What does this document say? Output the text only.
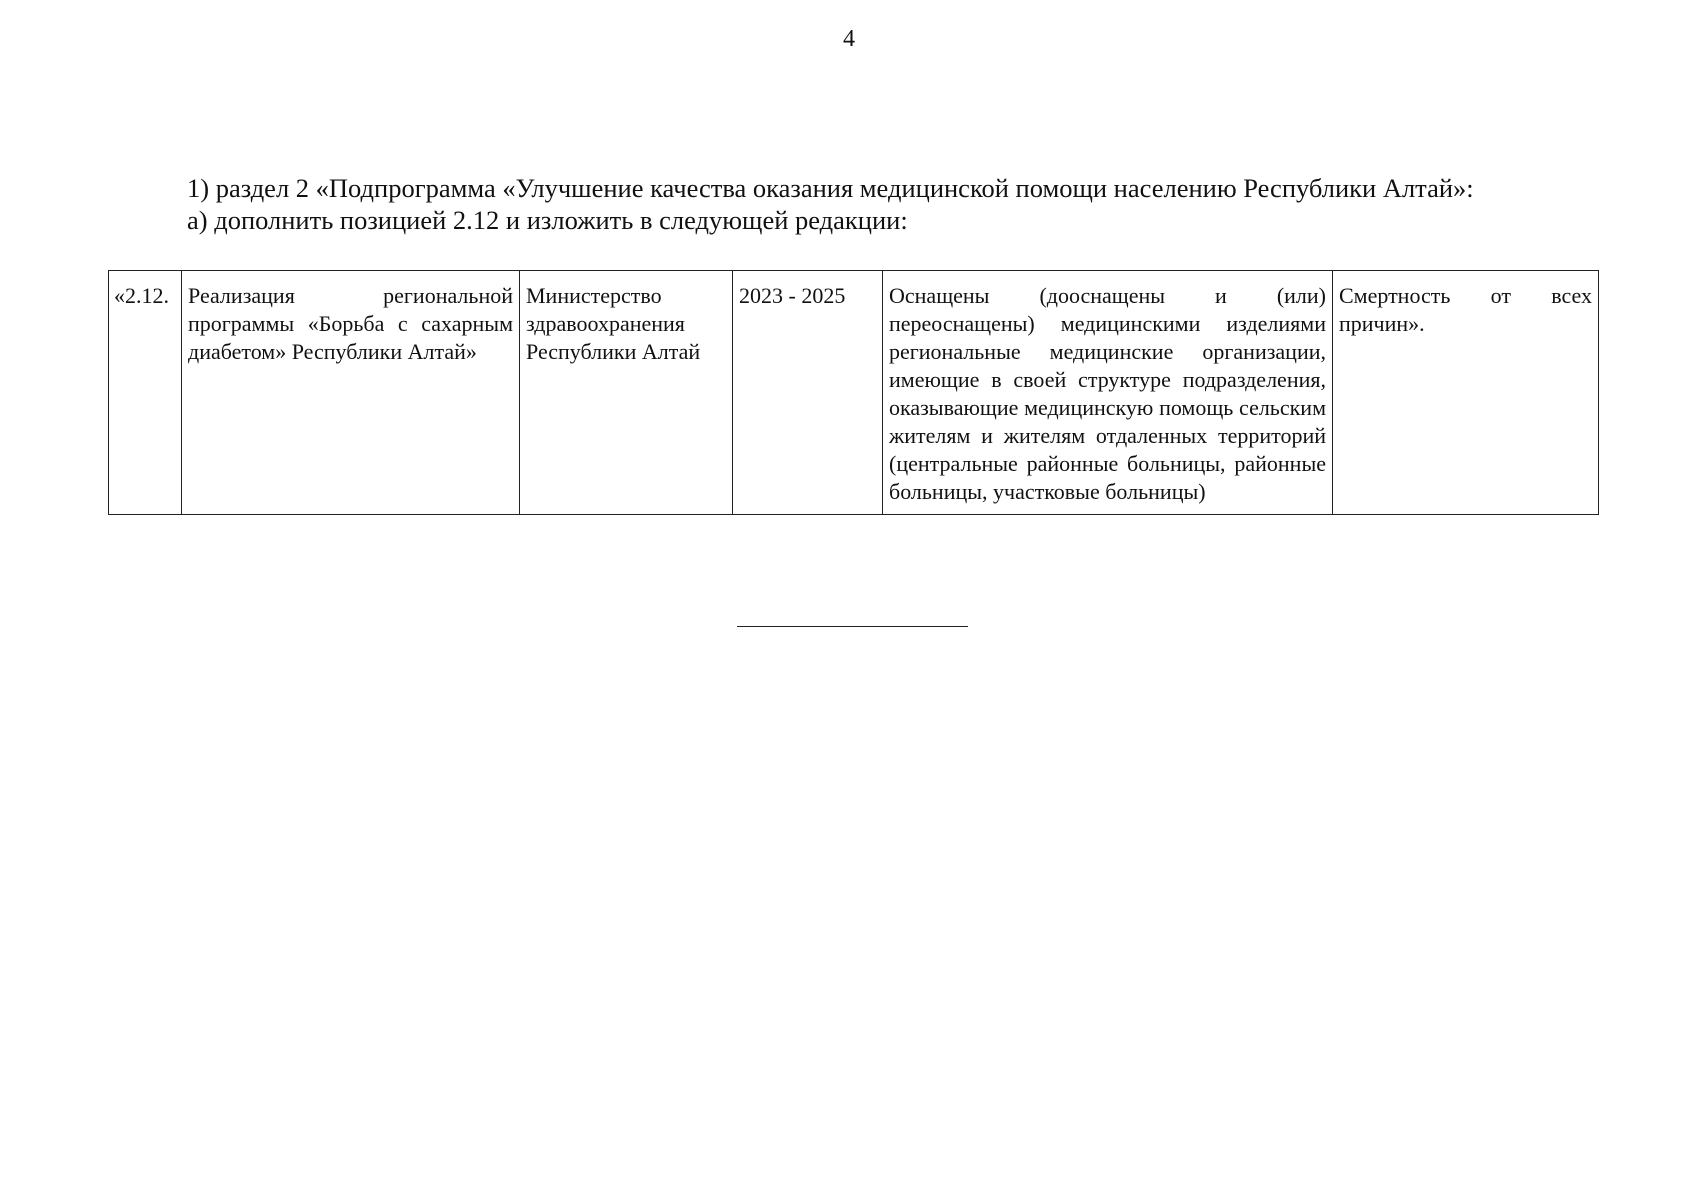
4
1) раздел 2 «Подпрограмма «Улучшение качества оказания медицинской помощи населению Республики Алтай»:
а) дополнить позицией 2.12 и изложить в следующей редакции:
«2.12.	Реализация региональной программы «Борьба с сахарным диабетом» Республики Алтай»	Министерство здравоохранения Республики Алтай	2023 - 2025	Оснащены (дооснащены и (или) переоснащены) медицинскими изделиями региональные медицинские организации, имеющие в своей структуре подразделения, оказывающие медицинскую помощь сельским жителям и жителям отдаленных территорий (центральные районные больницы, районные больницы, участковые больницы)	Смертность от всех причин».
